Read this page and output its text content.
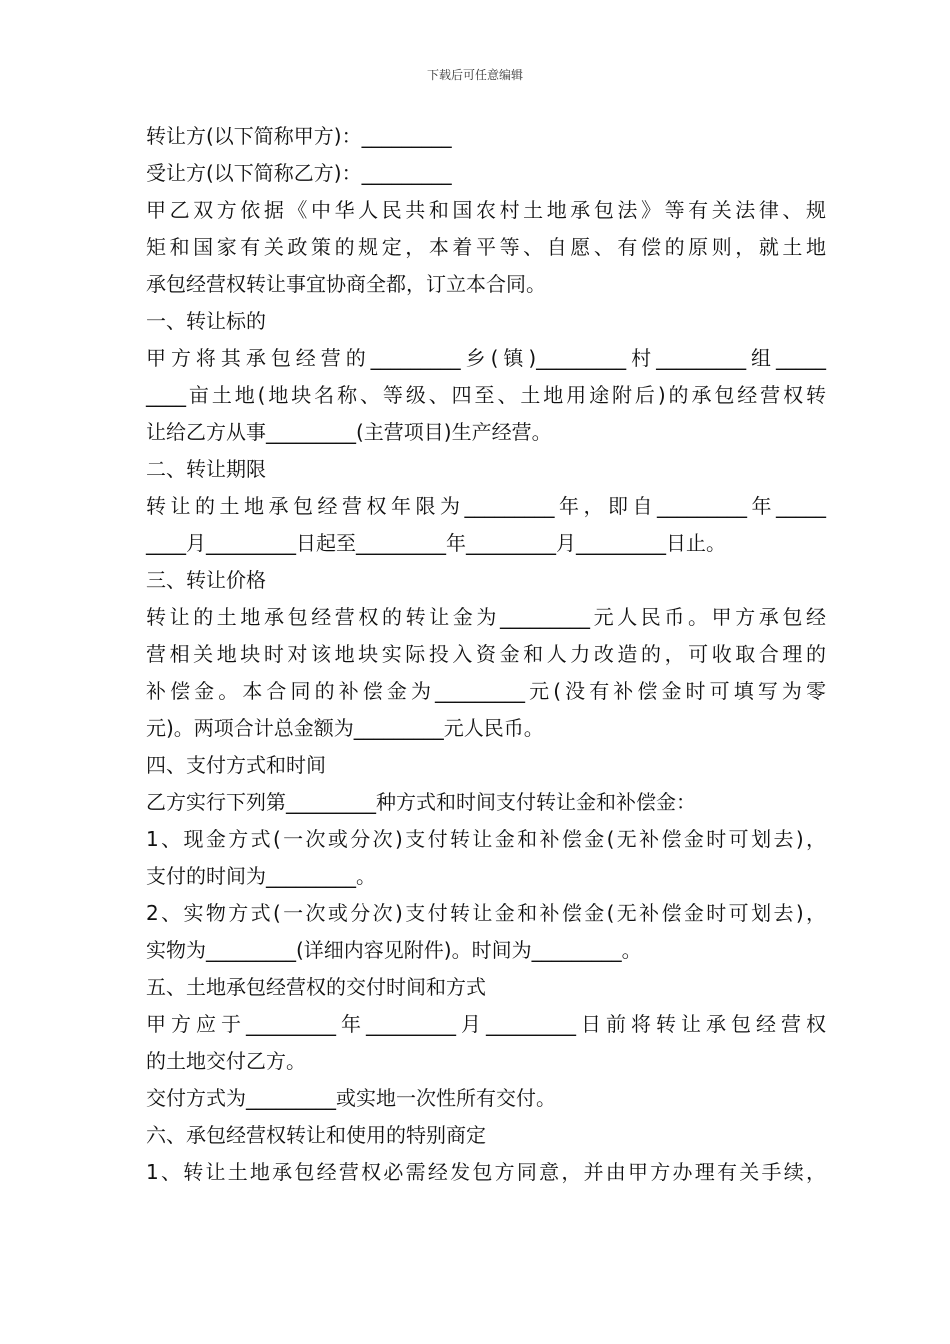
下载后可任意编辑
转让方(以下简称甲方)：_________
受让方(以下简称乙方)：_________
甲乙双方依据《中华人民共和国农村土地承包法》等有关法律、规
矩和国家有关政策的规定，本着平等、自愿、有偿的原则，就土地
承包经营权转让事宜协商全都，订立本合同。
一、转让标的
甲方将其承包经营的_________乡(镇)_________村_________组_____
____亩土地(地块名称、等级、四至、土地用途附后)的承包经营权转
让给乙方从事_________(主营项目)生产经营。
二、转让期限
转让的土地承包经营权年限为_________年，即自_________年_____
____月_________日起至_________年_________月_________日止。
三、转让价格
转让的土地承包经营权的转让金为_________元人民币。甲方承包经
营相关地块时对该地块实际投入资金和人力改造的，可收取合理的
补偿金。本合同的补偿金为_________元(没有补偿金时可填写为零
元)。两项合计总金额为_________元人民币。
四、支付方式和时间
乙方实行下列第_________种方式和时间支付转让金和补偿金：
1、现金方式(一次或分次)支付转让金和补偿金(无补偿金时可划去)，
支付的时间为_________。
2、实物方式(一次或分次)支付转让金和补偿金(无补偿金时可划去)，
实物为_________(详细内容见附件)。时间为_________。
五、土地承包经营权的交付时间和方式
甲方应于_________年_________月_________日前将转让承包经营权
的土地交付乙方。
交付方式为_________或实地一次性所有交付。
六、承包经营权转让和使用的特别商定
1、转让土地承包经营权必需经发包方同意，并由甲方办理有关手续，
